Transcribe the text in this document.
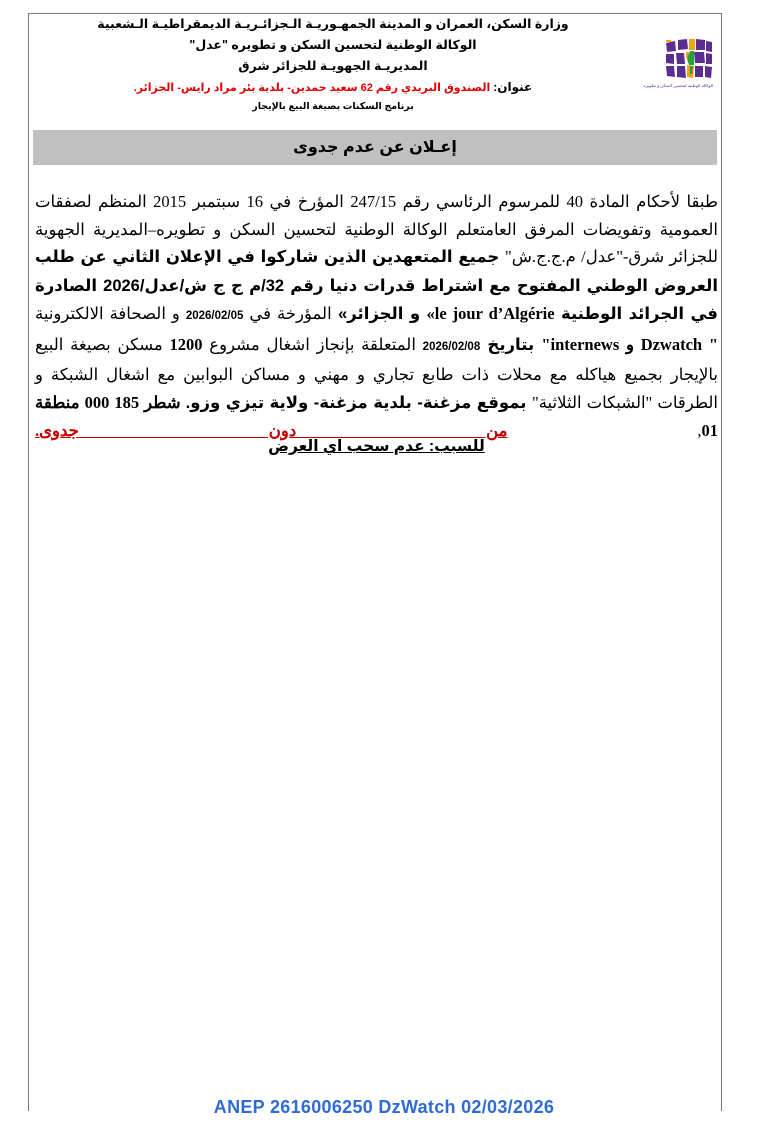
وزارة السكن، العمران و المدينة الجمهـوريـة الـجزائـريـة الديمقراطيـة الـشعبية
الوكالة الوطنية لتحسين السكن و تطويره "عدل"
المديريـة الجهويـة للجزائر شرق
عنوان: الصندوق البريدي رقم 62 سعيد حمدين- بلدية بئر مراد رايس- الجزائر.
برنامج السكنات بصيغة البيع بالإيجار
الوكالة الوطنية لتحسين السكن و تطويره
إعـلان عن عدم جدوى

طبقا لأحكام المادة 40 للمرسوم الرئاسي رقم 247/15 المؤرخ في 16 سبتمبر 2015 المنظم لصفقات العمومية وتفويضات المرفق العامتعلم الوكالة الوطنية لتحسين السكن و تطويره–المديرية الجهوية للجزائر شرق-"عدل/ م.ج.ج.ش" جميع المتعهدين الذين شاركوا في الإعلان الثاني عن طلب العروض الوطني المفتوح مع اشتراط قدرات دنيا رقم 32/م ج ج ش/عدل/2026 الصادرة في الجرائد الوطنية «le jour d’Algérie و الجزائر» المؤرخة في 2026/02/05 و الصحافة الالكترونية "internews و Dzwatch " بتاريخ 2026/02/08 المتعلقة بإنجاز اشغال مشروع 1200 مسكن بصيغة البيع بالإيجار بجميع هياكله مع محلات ذات طابع تجاري و مهني و مساكن البوابين مع اشغال الشبكة و الطرقات "الشبكات الثلاثية" بموقع مزغنة- بلدية مزغنة- ولاية تيزي وزو. شطر 185 000 منطقة 01, من دون جدوى.

للسبب: عدم سحب اي العرض
ANEP 2616006250 DzWatch 02/03/2026
